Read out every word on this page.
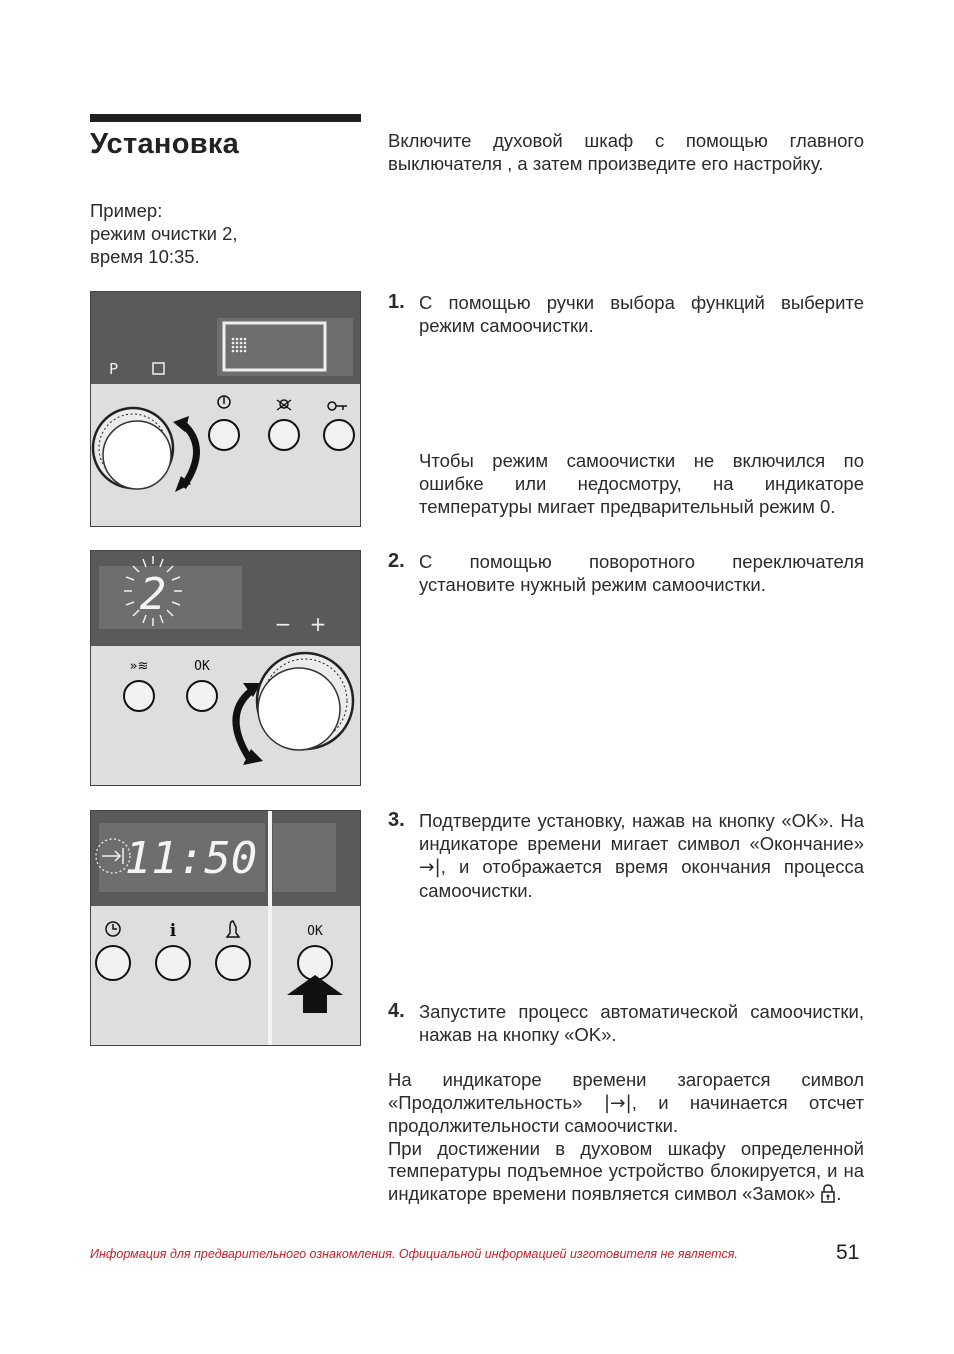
Установка	Включите духовой шкаф с помощью главного выключателя , а затем произведите его настройку.
Пример:
режим очистки 2,
время 10:35.
P
2
− +
»≋	OK
11:50
i	OK
1. С помощью ручки выбора функций выберите режим самоочистки.
Чтобы режим самоочистки не включился по ошибке или недосмотру, на индикаторе температуры мигает предварительный режим 0.
2. С помощью поворотного переключателя установите нужный режим самоочистки.
3. Подтвердите установку, нажав на кнопку «OK». На индикаторе времени мигает символ «Окончание» →|, и отображается время окончания процесса самоочистки.
4. Запустите процесс автоматической самоочистки, нажав на кнопку «OK».

На индикаторе времени загорается символ «Продолжительность» |→|, и начинается отсчет продолжительности самоочистки.

При достижении в духовом шкафу определенной температуры подъемное устройство блокируется, и на индикаторе времени появляется символ «Замок» .

Информация для предварительного ознакомления. Официальной информацией изготовителя не является.	51
